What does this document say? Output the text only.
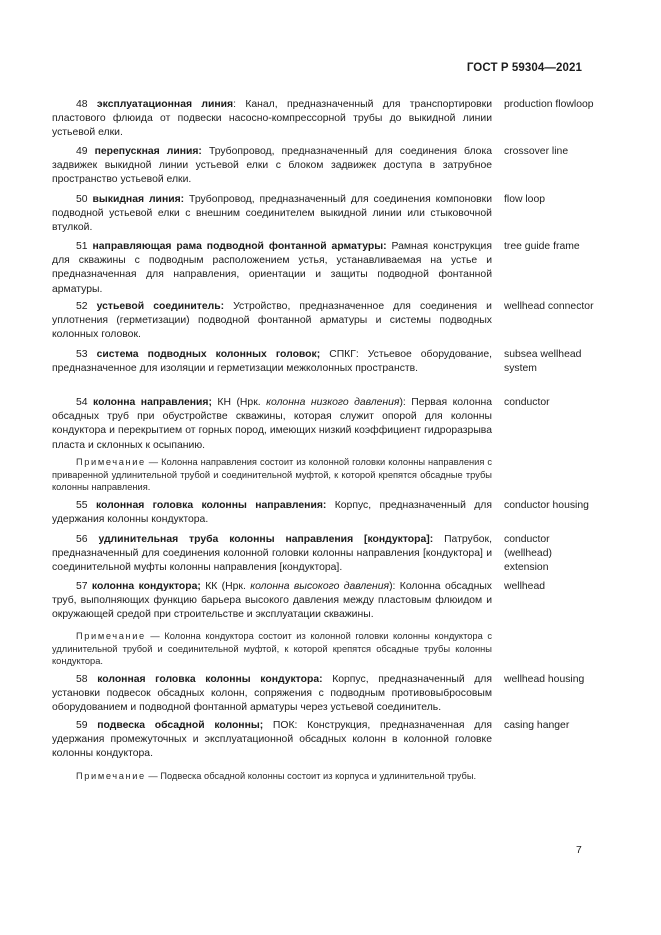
ГОСТ Р 59304—2021
48 эксплуатационная линия: Канал, предназначенный для транспортировки пластового флюида от подвески насосно-компрессорной трубы до выкидной линии устьевой елки.
production flowloop
49 перепускная линия: Трубопровод, предназначенный для соединения блока задвижек выкидной линии устьевой елки с блоком задвижек доступа в затрубное пространство устьевой елки.
crossover line
50 выкидная линия: Трубопровод, предназначенный для соединения компоновки подводной устьевой елки с внешним соединителем выкидной линии или стыковочной втулкой.
flow loop
51 направляющая рама подводной фонтанной арматуры: Рамная конструкция для скважины с подводным расположением устья, устанавливаемая на устье и предназначенная для направления, ориентации и защиты подводной фонтанной арматуры.
tree guide frame
52 устьевой соединитель: Устройство, предназначенное для соединения и уплотнения (герметизации) подводной фонтанной арматуры и системы подводных колонных головок.
wellhead connector
53 система подводных колонных головок; СПКГ: Устьевое оборудование, предназначенное для изоляции и герметизации межколонных пространств.
subsea wellhead system
54 колонна направления; КН (Нрк. колонна низкого давления): Первая колонна обсадных труб при обустройстве скважины, которая служит опорой для колонны кондуктора и перекрытием от горных пород, имеющих низкий коэффициент гидроразрыва пласта и склонных к осыпанию.
conductor
Примечание — Колонна направления состоит из колонной головки колонны направления с приваренной удлинительной трубой и соединительной муфтой, к которой крепятся обсадные трубы колонны направления.
55 колонная головка колонны направления: Корпус, предназначенный для удержания колонны кондуктора.
conductor housing
56 удлинительная труба колонны направления [кондуктора]: Патрубок, предназначенный для соединения колонной головки колонны направления [кондуктора] и соединительной муфты колонны направления [кондуктора].
conductor (wellhead) extension
57 колонна кондуктора; КК (Нрк. колонна высокого давления): Колонна обсадных труб, выполняющих функцию барьера высокого давления между пластовым флюидом и окружающей средой при строительстве и эксплуатации скважины.
wellhead
Примечание — Колонна кондуктора состоит из колонной головки колонны кондуктора с удлинительной трубой и соединительной муфтой, к которой крепятся обсадные трубы колонны кондуктора.
58 колонная головка колонны кондуктора: Корпус, предназначенный для установки подвесок обсадных колонн, сопряжения с подводным противовыбросовым оборудованием и подводной фонтанной арматуры через устьевой соединитель.
wellhead housing
59 подвеска обсадной колонны; ПОК: Конструкция, предназначенная для удержания промежуточных и эксплуатационной обсадных колонн в колонной головке колонны кондуктора.
casing hanger
Примечание — Подвеска обсадной колонны состоит из корпуса и удлинительной трубы.
7
